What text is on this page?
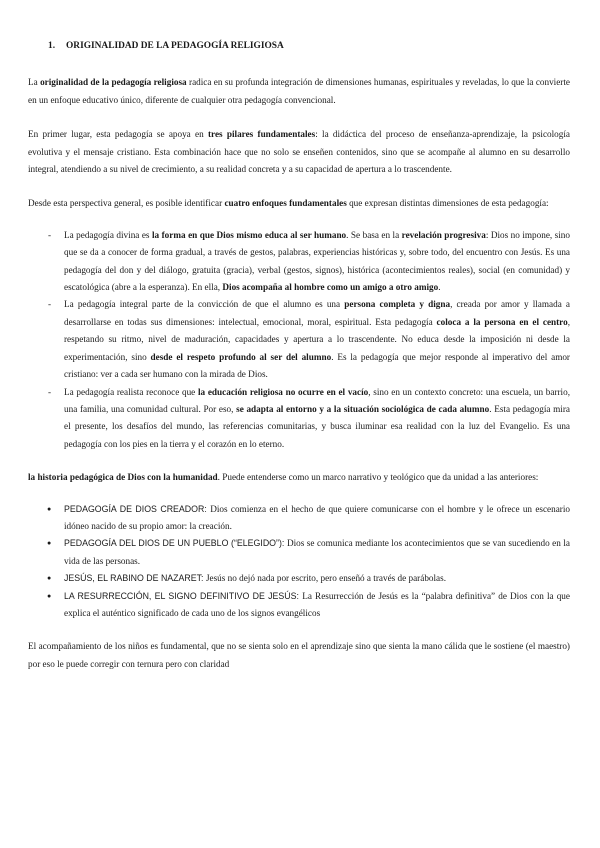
1. ORIGINALIDAD DE LA PEDAGOGÍA RELIGIOSA

La originalidad de la pedagogía religiosa radica en su profunda integración de dimensiones humanas, espirituales y reveladas, lo que la convierte en un enfoque educativo único, diferente de cualquier otra pedagogía convencional.

En primer lugar, esta pedagogía se apoya en tres pilares fundamentales: la didáctica del proceso de enseñanza-aprendizaje, la psicología evolutiva y el mensaje cristiano. Esta combinación hace que no solo se enseñen contenidos, sino que se acompañe al alumno en su desarrollo integral, atendiendo a su nivel de crecimiento, a su realidad concreta y a su capacidad de apertura a lo trascendente.

Desde esta perspectiva general, es posible identificar cuatro enfoques fundamentales que expresan distintas dimensiones de esta pedagogía:

- La pedagogía divina es la forma en que Dios mismo educa al ser humano. Se basa en la revelación progresiva: Dios no impone, sino que se da a conocer de forma gradual, a través de gestos, palabras, experiencias históricas y, sobre todo, del encuentro con Jesús. Es una pedagogía del don y del diálogo, gratuita (gracia), verbal (gestos, signos), histórica (acontecimientos reales), social (en comunidad) y escatológica (abre a la esperanza). En ella, Dios acompaña al hombre como un amigo a otro amigo.
- La pedagogía integral parte de la convicción de que el alumno es una persona completa y digna, creada por amor y llamada a desarrollarse en todas sus dimensiones: intelectual, emocional, moral, espiritual. Esta pedagogía coloca a la persona en el centro, respetando su ritmo, nivel de maduración, capacidades y apertura a lo trascendente. No educa desde la imposición ni desde la experimentación, sino desde el respeto profundo al ser del alumno. Es la pedagogía que mejor responde al imperativo del amor cristiano: ver a cada ser humano con la mirada de Dios.
- La pedagogía realista reconoce que la educación religiosa no ocurre en el vacío, sino en un contexto concreto: una escuela, un barrio, una familia, una comunidad cultural. Por eso, se adapta al entorno y a la situación sociológica de cada alumno. Esta pedagogía mira el presente, los desafíos del mundo, las referencias comunitarias, y busca iluminar esa realidad con la luz del Evangelio. Es una pedagogía con los pies en la tierra y el corazón en lo eterno.

la historia pedagógica de Dios con la humanidad. Puede entenderse como un marco narrativo y teológico que da unidad a las anteriores:

● PEDAGOGÍA DE DIOS CREADOR: Dios comienza en el hecho de que quiere comunicarse con el hombre y le ofrece un escenario idóneo nacido de su propio amor: la creación.
● PEDAGOGÍA DEL DIOS DE UN PUEBLO (“ELEGIDO”): Dios se comunica mediante los acontecimientos que se van sucediendo en la vida de las personas.
● JESÚS, EL RABINO DE NAZARET: Jesús no dejó nada por escrito, pero enseñó a través de parábolas.
● LA RESURRECCIÓN, EL SIGNO DEFINITIVO DE JESÚS: La Resurrección de Jesús es la “palabra definitiva” de Dios con la que explica el auténtico significado de cada uno de los signos evangélicos

El acompañamiento de los niños es fundamental, que no se sienta solo en el aprendizaje sino que sienta la mano cálida que le sostiene (el maestro) por eso le puede corregir con ternura pero con claridad
